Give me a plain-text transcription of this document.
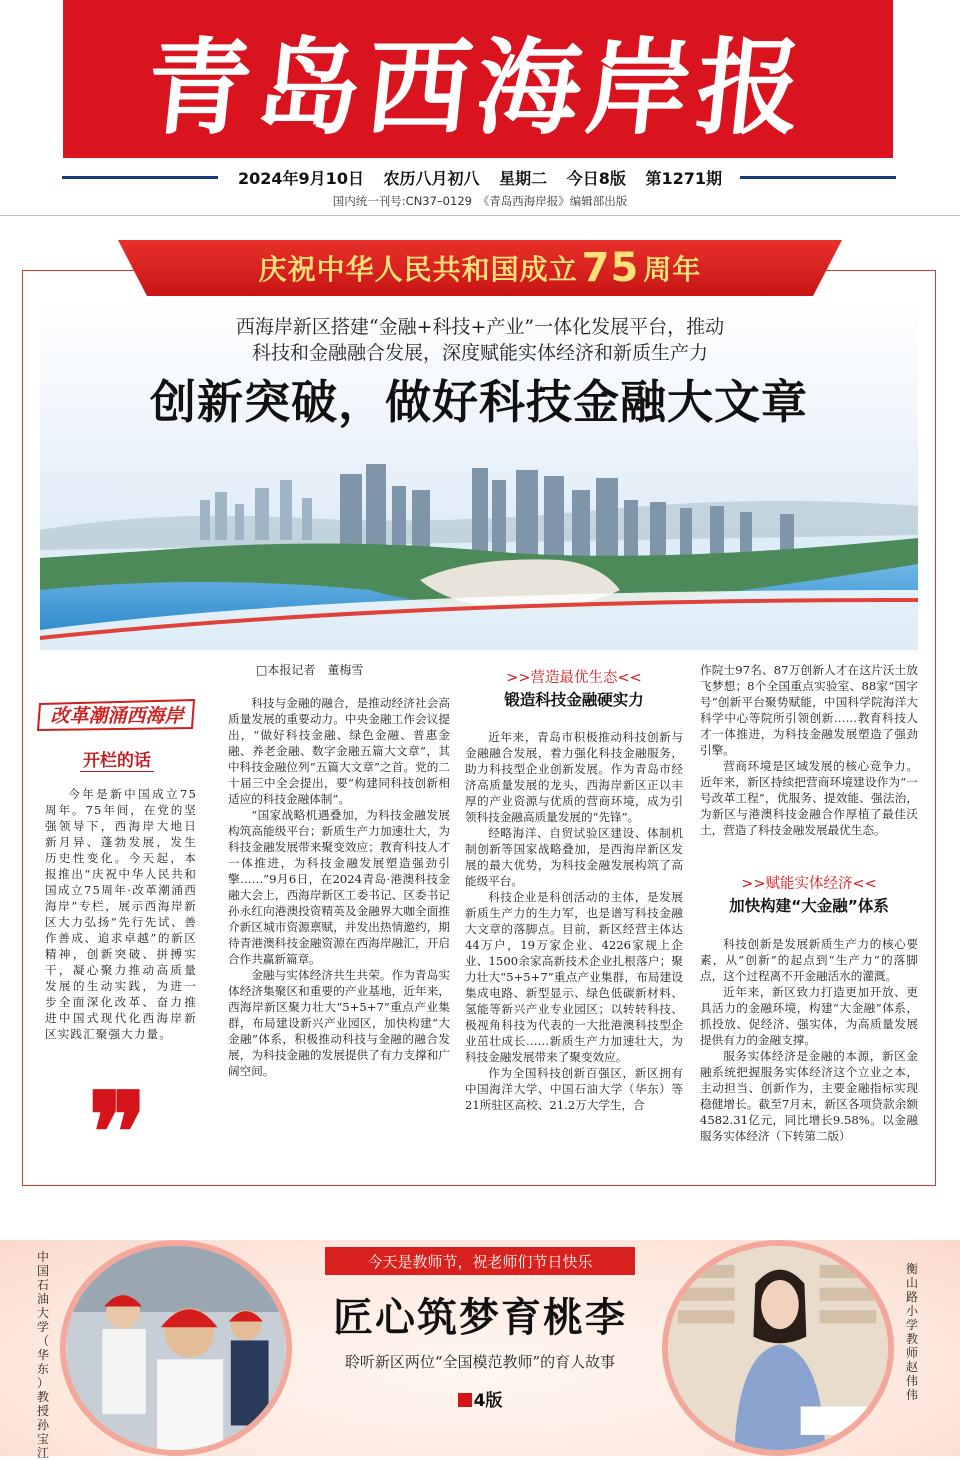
青岛西海岸报
2024年9月10日 农历八月初八 星期二 今日8版 第1271期
国内统一刊号:CN37–0129　《青岛西海岸报》编辑部出版
庆祝中华人民共和国成立 75 周年
西海岸新区搭建“金融+科技+产业”一体化发展平台，推动
科技和金融融合发展，深度赋能实体经济和新质生产力
创新突破，做好科技金融大文章
改革潮涌西海岸
开栏的话

今年是新中国成立75周年。75年间，在党的坚强领导下，西海岸大地日新月异、蓬勃发展，发生历史性变化。今天起，本报推出“庆祝中华人民共和国成立75周年·改革潮涌西海岸”专栏，展示西海岸新区大力弘扬“先行先试、善作善成、追求卓越”的新区精神，创新突破、拼搏实干，凝心聚力推动高质量发展的生动实践，为进一步全面深化改革、奋力推进中国式现代化西海岸新区实践汇聚强大力量。

❞
□本报记者　董梅雪

科技与金融的融合，是推动经济社会高质量发展的重要动力。中央金融工作会议提出，“做好科技金融、绿色金融、普惠金融、养老金融、数字金融五篇大文章”，其中科技金融位列“五篇大文章”之首。党的二十届三中全会提出，要“构建同科技创新相适应的科技金融体制”。

“国家战略机遇叠加，为科技金融发展构筑高能级平台；新质生产力加速壮大，为科技金融发展带来聚变效应；教育科技人才一体推进，为科技金融发展塑造强劲引擎……”9月6日，在2024青岛·港澳科技金融大会上，西海岸新区工委书记、区委书记孙永红向港澳投资精英及金融界大咖全面推介新区城市资源禀赋，并发出热情邀约，期待青港澳科技金融资源在西海岸融汇，开启合作共赢新篇章。

金融与实体经济共生共荣。作为青岛实体经济集聚区和重要的产业基地，近年来，西海岸新区聚力壮大“5+5+7”重点产业集群，布局建设新兴产业园区，加快构建“大金融”体系，积极推动科技与金融的融合发展，为科技金融的发展提供了有力支撑和广阔空间。

>>营造最优生态<<
锻造科技金融硬实力

近年来，青岛市积极推动科技创新与金融融合发展，着力强化科技金融服务，助力科技型企业创新发展。作为青岛市经济高质量发展的龙头，西海岸新区正以丰厚的产业资源与优质的营商环境，成为引领科技金融高质量发展的“先锋”。

经略海洋、自贸试验区建设、体制机制创新等国家战略叠加，是西海岸新区发展的最大优势，为科技金融发展构筑了高能级平台。

科技企业是科创活动的主体，是发展新质生产力的生力军，也是谱写科技金融大文章的落脚点。目前，新区经营主体达44万户，19万家企业、4226家规上企业、1500余家高新技术企业扎根落户；聚力壮大“5+5+7”重点产业集群，布局建设集成电路、新型显示、绿色低碳新材料、氢能等新兴产业专业园区；以转转科技、极视角科技为代表的一大批港澳科技型企业茁壮成长……新质生产力加速壮大，为科技金融发展带来了聚变效应。

作为全国科技创新百强区，新区拥有中国海洋大学、中国石油大学（华东）等21所驻区高校、21.2万大学生，合

作院士97名、87万创新人才在这片沃土放飞梦想；8个全国重点实验室、88家“国字号”创新平台聚势赋能，中国科学院海洋大科学中心等院所引领创新……教育科技人才一体推进，为科技金融发展塑造了强劲引擎。

营商环境是区域发展的核心竞争力。近年来，新区持续把营商环境建设作为“一号改革工程”，优服务、提效能、强法治，为新区与港澳科技金融合作厚植了最佳沃土，营造了科技金融发展最优生态。

>>赋能实体经济<<
加快构建“大金融”体系

科技创新是发展新质生产力的核心要素，从“创新”的起点到“生产力”的落脚点，这个过程离不开金融活水的灌溉。

近年来，新区致力打造更加开放、更具活力的金融环境，构建“大金融”体系，抓投放、促经济、强实体，为高质量发展提供有力的金融支撑。

服务实体经济是金融的本源，新区金融系统把握服务实体经济这个立业之本，主动担当、创新作为，主要金融指标实现稳健增长。截至7月末，新区各项贷款余额4582.31亿元，同比增长9.58%。以金融服务实体经济（下转第二版）

中国石油大学（华东）教授孙宝江
衡山路小学教师赵伟伟
今天是教师节，祝老师们节日快乐
匠心筑梦育桃李
聆听新区两位“全国模范教师”的育人故事
4版
